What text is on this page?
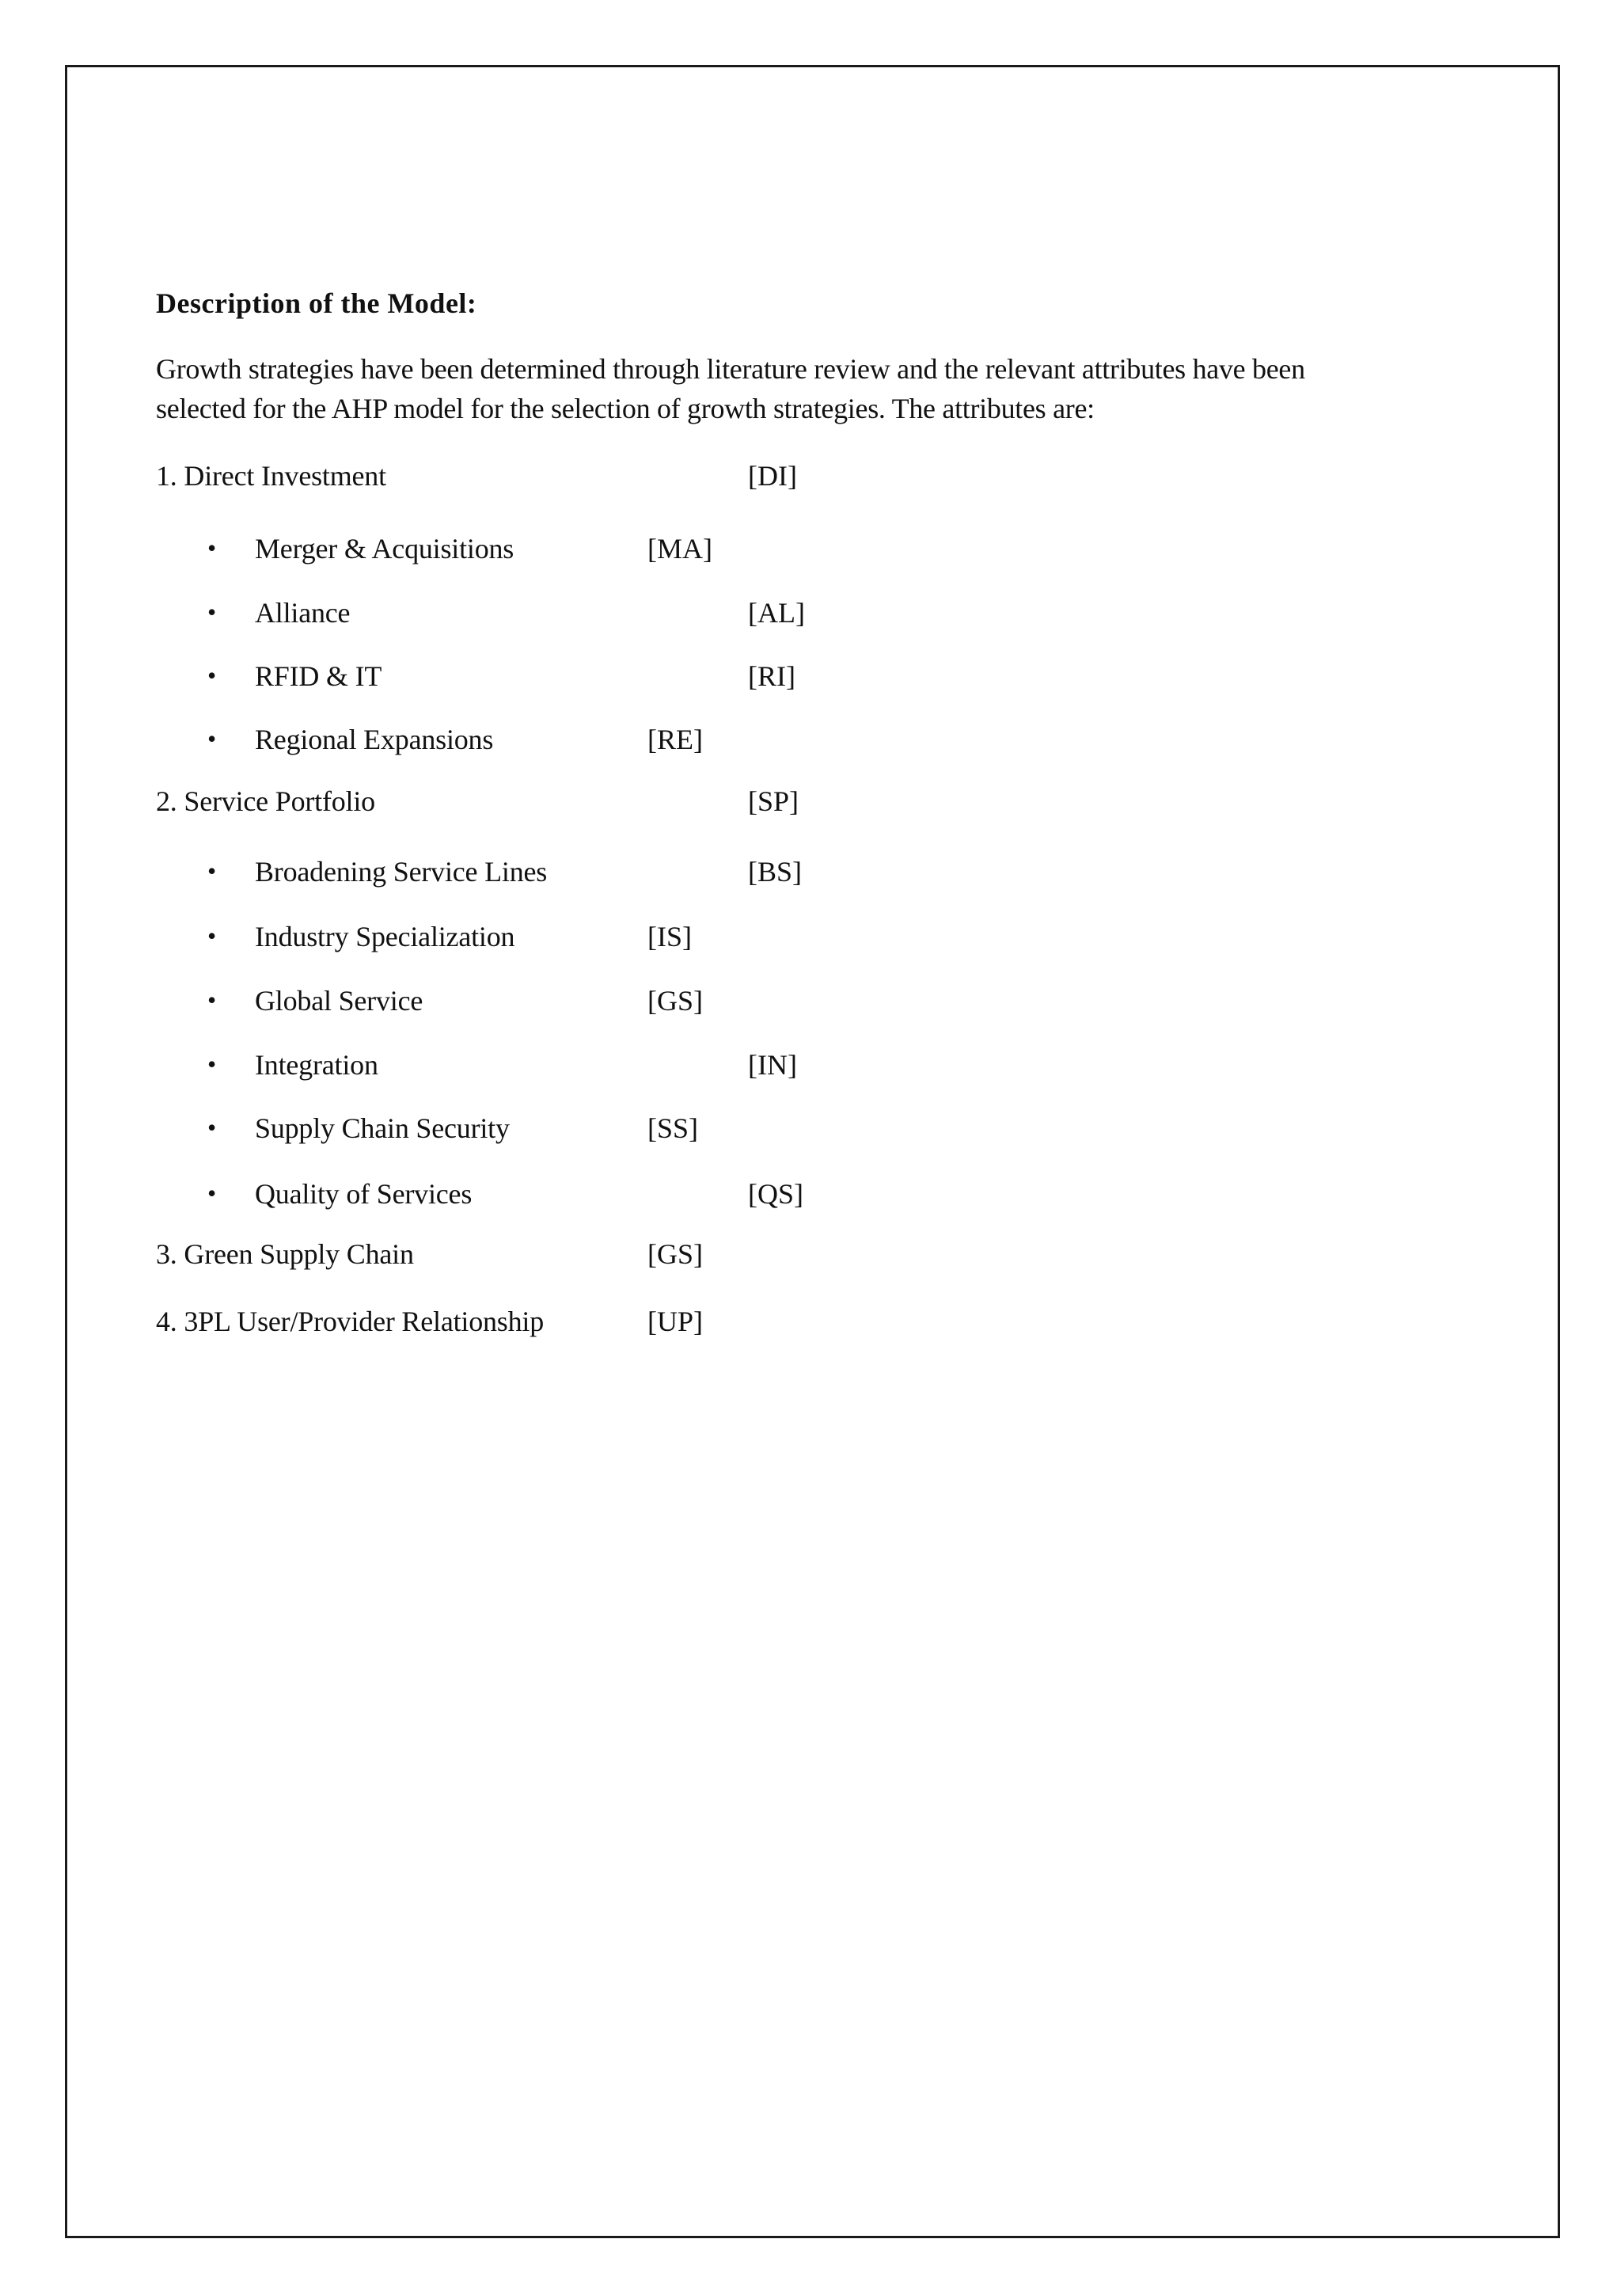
Description of the Model:
Growth strategies have been determined through literature review and the relevant attributes have been
selected for the AHP model for the selection of growth strategies. The attributes are:
1. Direct Investment	[DI]
• Merger & Acquisitions	[MA]
• Alliance	[AL]
• RFID & IT	[RI]
• Regional Expansions	[RE]
2. Service Portfolio	[SP]
• Broadening Service Lines	[BS]
• Industry Specialization	[IS]
• Global Service	[GS]
• Integration	[IN]
• Supply Chain Security	[SS]
• Quality of Services	[QS]
3. Green Supply Chain	[GS]
4. 3PL User/Provider Relationship	[UP]
